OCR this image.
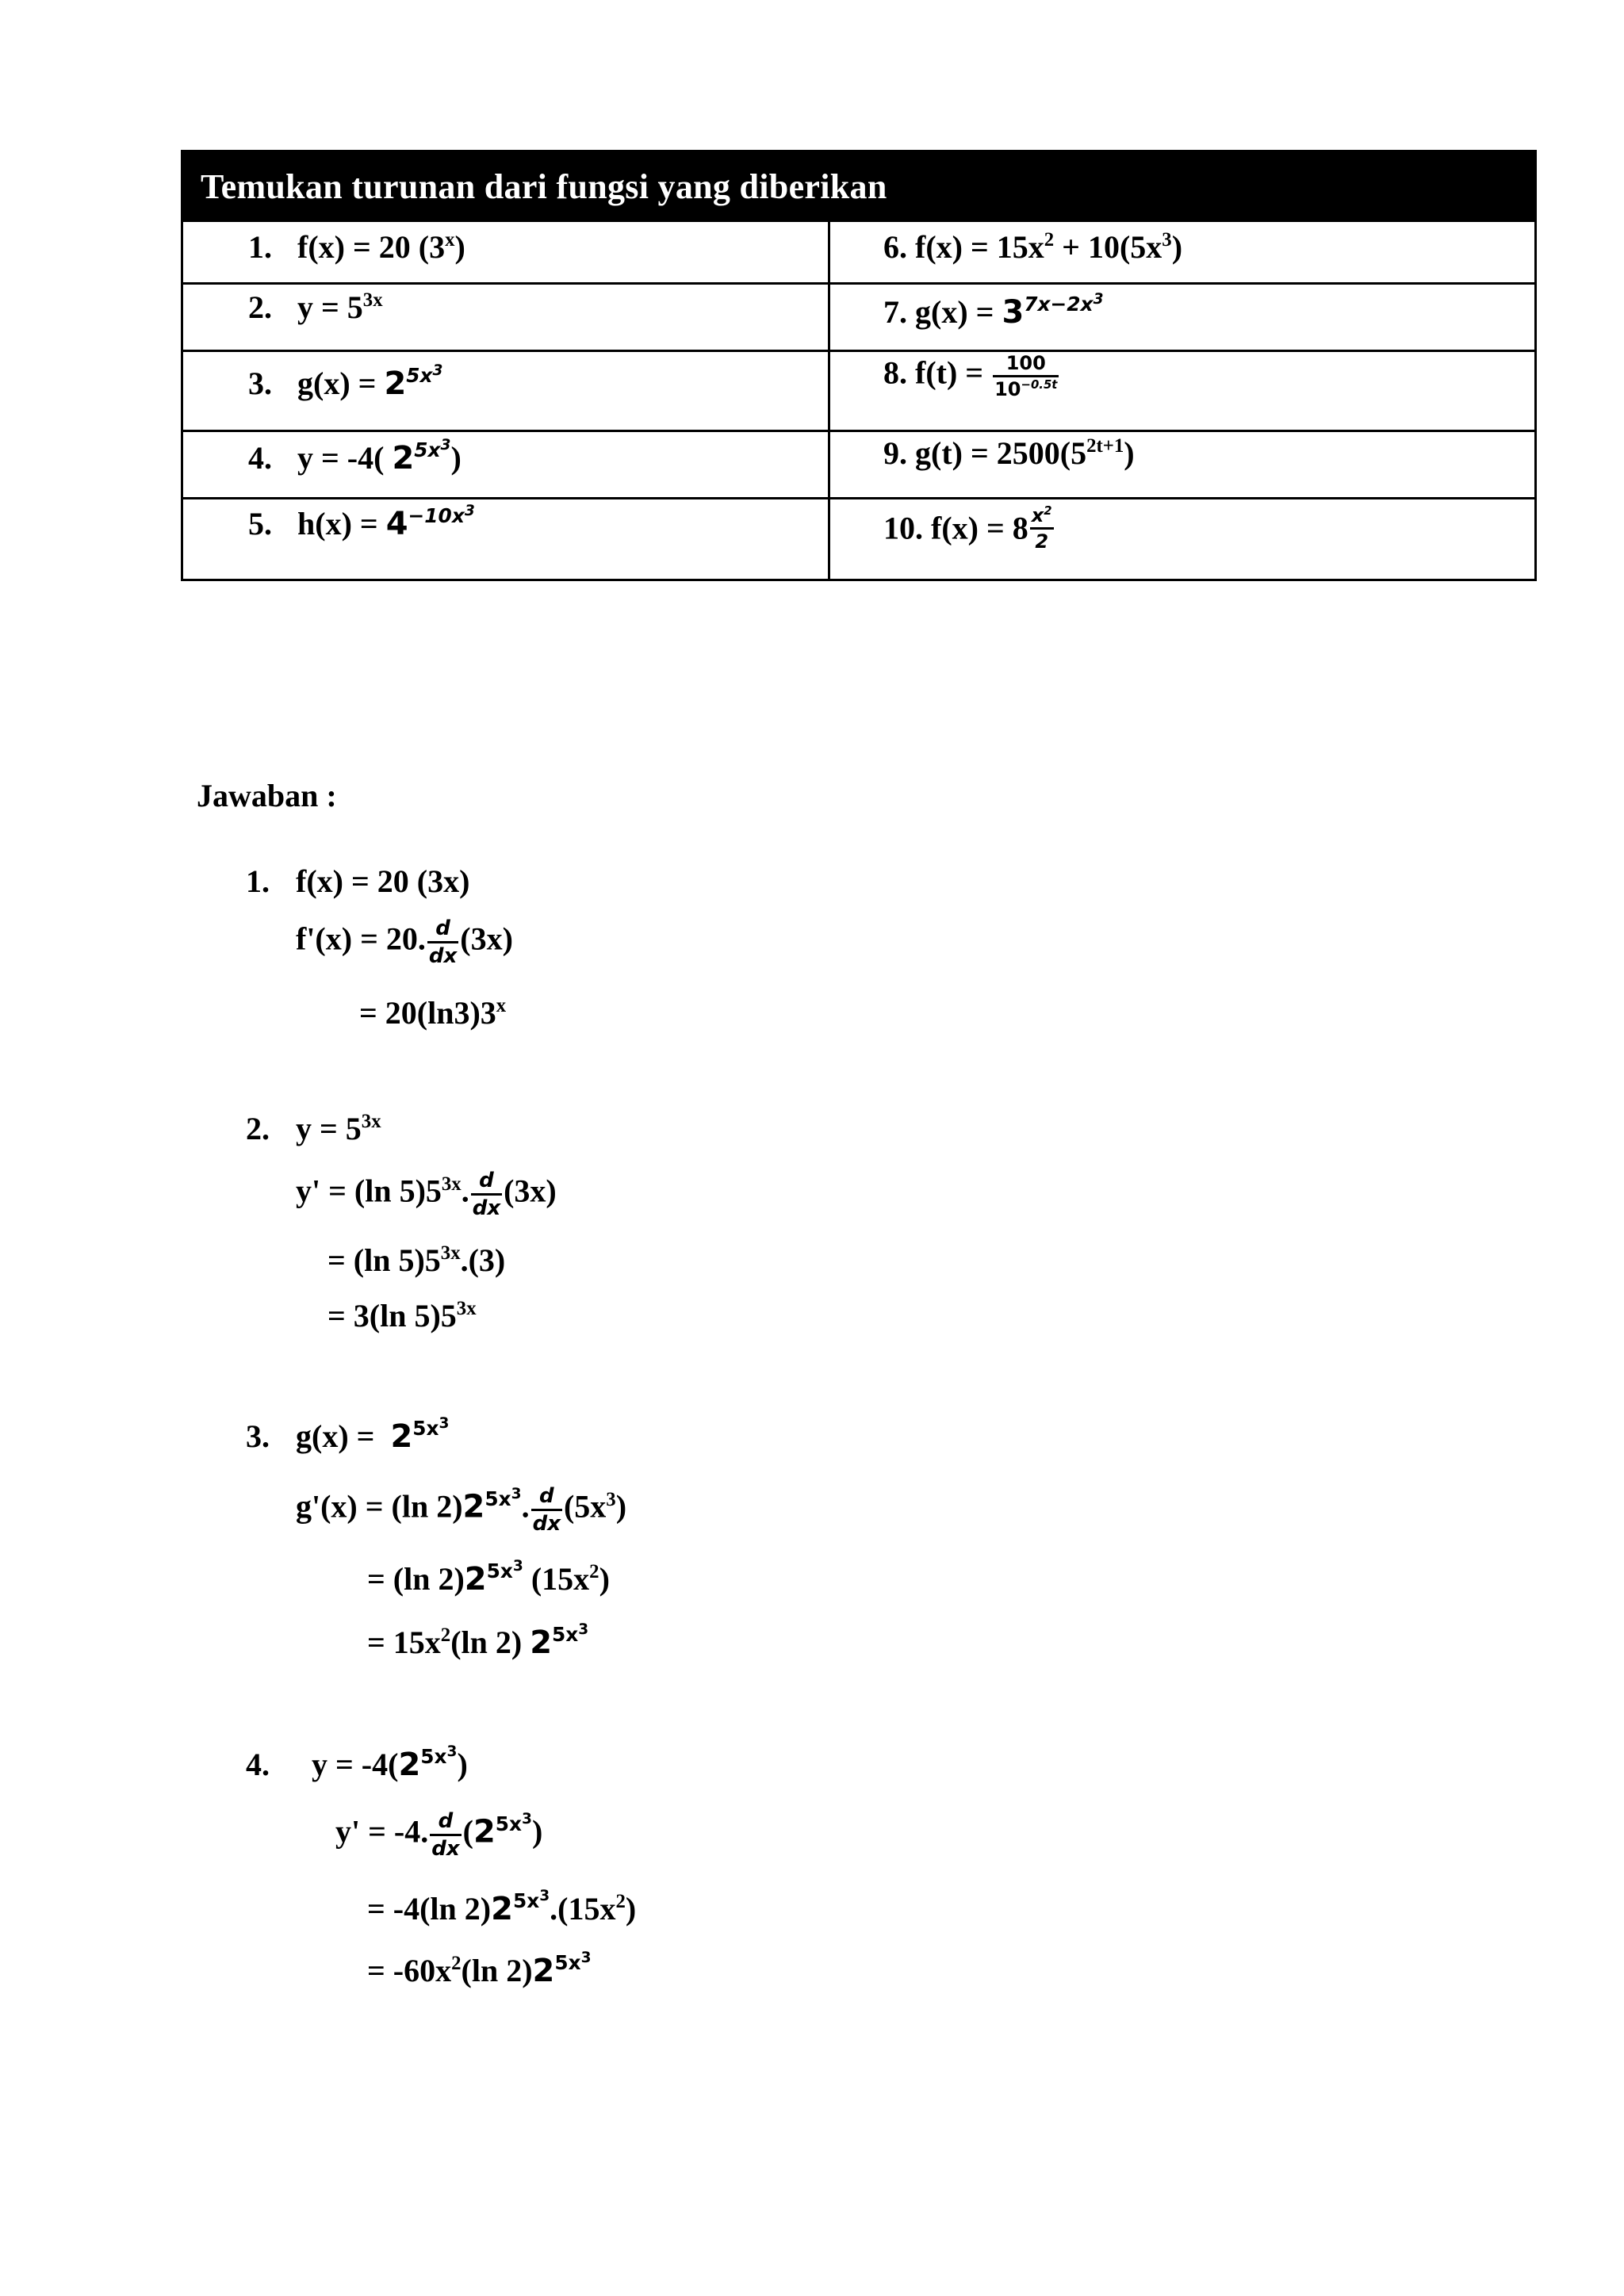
Temukan turunan dari fungsi yang diberikan
1. f(x) = 20 (3$^x$)
2. $y = 5^{3x}$
3. $g(x) = 2^{5x^3}$
4. y = -4( $2^{5x^3}$)
5. $h(x) = 4^{-10x^3}$
6. $f(x) = 15x^2 + 10(5x^3)$
7. $g(x) = 3^{7x-2x^3}$
8. $f(t) = \frac{100}{10^{-0.5t}}$
9. $g(t) = 2500(5^{2t+1})$
10. $f(x) = 8 \frac{x^2}{2}$
Jawaban :
1. f(x) = 20 (3x)
f'(x) = 20. $\frac{d}{dx} (3x)$
= $20(\ln 3)3^x$
2. $y = 5^{3x}$
y' = (ln $5)5^{3x}$. $\frac{d}{dx} (3x)$
= (ln $5)5^{3x}.(3)$
= 3(ln $5)5^{3x}$
3. $g(x) = 2^{5x^3}$
g'(x) = (ln $2)2^{5x^3}$. $\frac{d}{dx} (5x^3)$
= (ln $2)2^{5x^3}$ $(15x^2)$
= $15x^2(\ln$ 2) $2^{5x^3}$
4. $y = -4(2^{5x^3})$
y' = -4. $\frac{d}{dx} (2^{5x^3})$
= -4(ln $2)2^{5x^3}.(15x^2)$
= $-60x^2(\ln$ $2)2^{5x^3}$
